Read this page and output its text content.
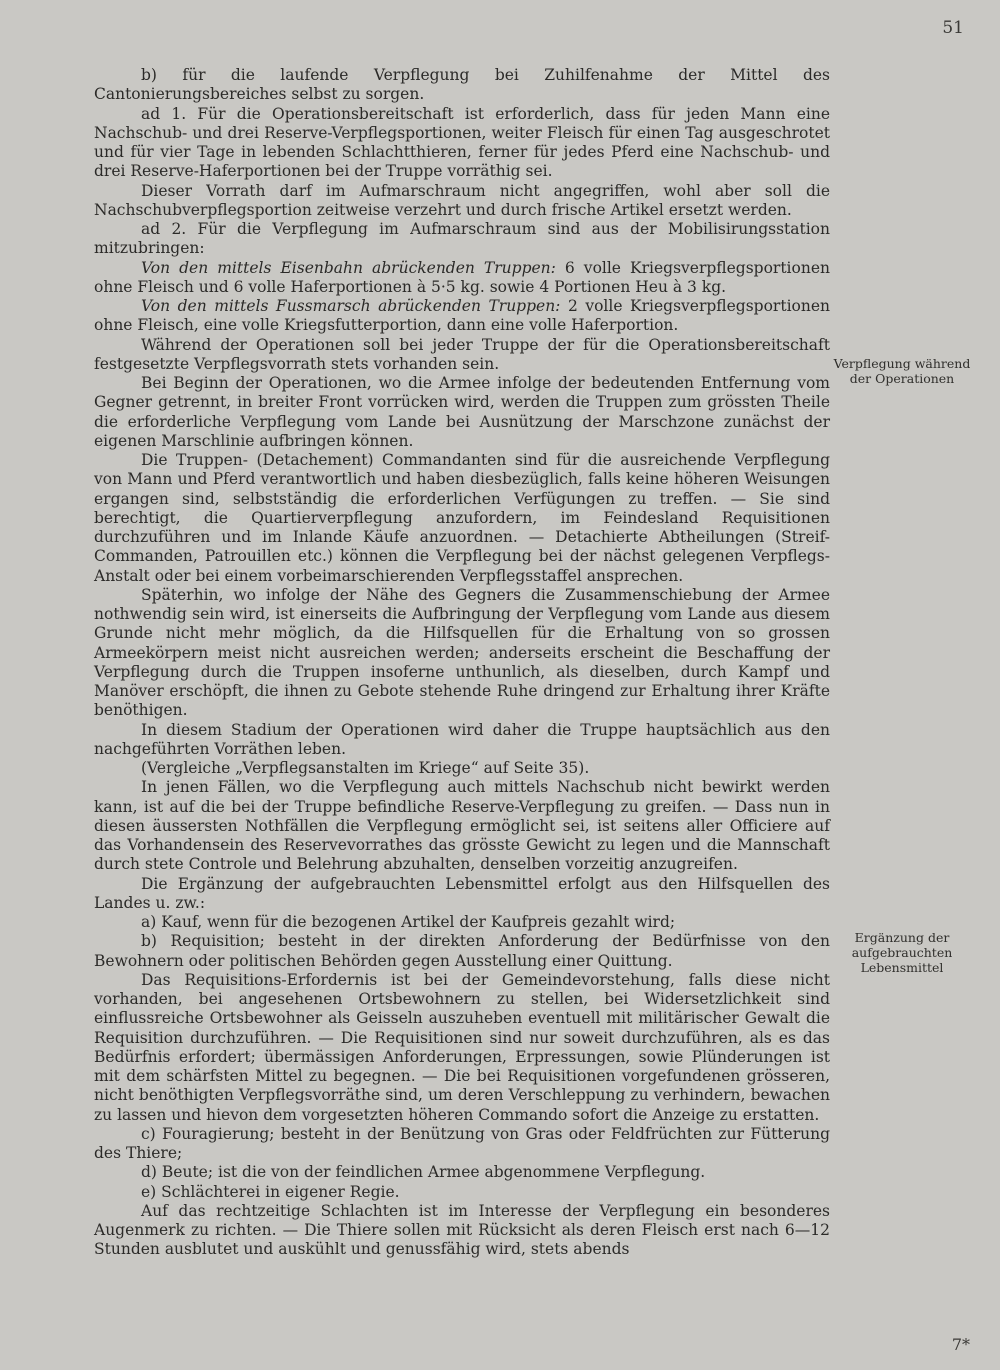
51

b) für die laufende Verpflegung bei Zuhilfenahme der Mittel des Cantonierungsbereiches selbst zu sorgen.

ad 1. Für die Operationsbereitschaft ist erforderlich, dass für jeden Mann eine Nachschub- und drei Reserve-Verpflegsportionen, weiter Fleisch für einen Tag ausgeschrotet und für vier Tage in lebenden Schlachtthieren, ferner für jedes Pferd eine Nachschub- und drei Reserve-Haferportionen bei der Truppe vorräthig sei.

Dieser Vorrath darf im Aufmarschraum nicht angegriffen, wohl aber soll die Nachschubverpflegsportion zeitweise verzehrt und durch frische Artikel ersetzt werden.

ad 2. Für die Verpflegung im Aufmarschraum sind aus der Mobilisirungsstation mitzubringen:

Von den mittels Eisenbahn abrückenden Truppen: 6 volle Kriegsverpflegsportionen ohne Fleisch und 6 volle Haferportionen à 5·5 kg. sowie 4 Portionen Heu à 3 kg.

Von den mittels Fussmarsch abrückenden Truppen: 2 volle Kriegsverpflegsportionen ohne Fleisch, eine volle Kriegsfutterportion, dann eine volle Haferportion.

Während der Operationen soll bei jeder Truppe der für die Operationsbereitschaft festgesetzte Verpflegsvorrath stets vorhanden sein.

Bei Beginn der Operationen, wo die Armee infolge der bedeutenden Entfernung vom Gegner getrennt, in breiter Front vorrücken wird, werden die Truppen zum grössten Theile die erforderliche Verpflegung vom Lande bei Ausnützung der Marschzone zunächst der eigenen Marschlinie aufbringen können.

Die Truppen- (Detachement) Commandanten sind für die ausreichende Verpflegung von Mann und Pferd verantwortlich und haben diesbezüglich, falls keine höheren Weisungen ergangen sind, selbstständig die erforderlichen Verfügungen zu treffen. — Sie sind berechtigt, die Quartierverpflegung anzufordern, im Feindesland Requisitionen durchzuführen und im Inlande Käufe anzuordnen. — Detachierte Abtheilungen (Streif-Commanden, Patrouillen etc.) können die Verpflegung bei der nächst gelegenen Verpflegs-Anstalt oder bei einem vorbeimarschierenden Verpflegsstaffel ansprechen.

Späterhin, wo infolge der Nähe des Gegners die Zusammenschiebung der Armee nothwendig sein wird, ist einerseits die Aufbringung der Verpflegung vom Lande aus diesem Grunde nicht mehr möglich, da die Hilfsquellen für die Erhaltung von so grossen Armeekörpern meist nicht ausreichen werden; anderseits erscheint die Beschaffung der Verpflegung durch die Truppen insoferne unthunlich, als dieselben, durch Kampf und Manöver erschöpft, die ihnen zu Gebote stehende Ruhe dringend zur Erhaltung ihrer Kräfte benöthigen.

In diesem Stadium der Operationen wird daher die Truppe hauptsächlich aus den nachgeführten Vorräthen leben.

(Vergleiche „Verpflegsanstalten im Kriege“ auf Seite 35).

In jenen Fällen, wo die Verpflegung auch mittels Nachschub nicht bewirkt werden kann, ist auf die bei der Truppe befindliche Reserve-Verpflegung zu greifen. — Dass nun in diesen äussersten Nothfällen die Verpflegung ermöglicht sei, ist seitens aller Officiere auf das Vorhandensein des Reservevorrathes das grösste Gewicht zu legen und die Mannschaft durch stete Controle und Belehrung abzuhalten, denselben vorzeitig anzugreifen.

Die Ergänzung der aufgebrauchten Lebensmittel erfolgt aus den Hilfsquellen des Landes u. zw.:

a) Kauf, wenn für die bezogenen Artikel der Kaufpreis gezahlt wird;

b) Requisition; besteht in der direkten Anforderung der Bedürfnisse von den Bewohnern oder politischen Behörden gegen Ausstellung einer Quittung.

Das Requisitions-Erfordernis ist bei der Gemeindevorstehung, falls diese nicht vorhanden, bei angesehenen Ortsbewohnern zu stellen, bei Widersetzlichkeit sind einflussreiche Ortsbewohner als Geisseln auszuheben eventuell mit militärischer Gewalt die Requisition durchzuführen. — Die Requisitionen sind nur soweit durchzuführen, als es das Bedürfnis erfordert; übermässigen Anforderungen, Erpressungen, sowie Plünderungen ist mit dem schärfsten Mittel zu begegnen. — Die bei Requisitionen vorgefundenen grösseren, nicht benöthigten Verpflegsvorräthe sind, um deren Verschleppung zu verhindern, bewachen zu lassen und hievon dem vorgesetzten höheren Commando sofort die Anzeige zu erstatten.

c) Fouragierung; besteht in der Benützung von Gras oder Feldfrüchten zur Fütterung des Thiere;

d) Beute; ist die von der feindlichen Armee abgenommene Verpflegung.

e) Schlächterei in eigener Regie.

Auf das rechtzeitige Schlachten ist im Interesse der Verpflegung ein besonderes Augenmerk zu richten. — Die Thiere sollen mit Rücksicht als deren Fleisch erst nach 6—12 Stunden ausblutet und auskühlt und genussfähig wird, stets abends

Verpflegung während der Operationen
Ergänzung der aufgebrauchten Lebensmittel
7*
